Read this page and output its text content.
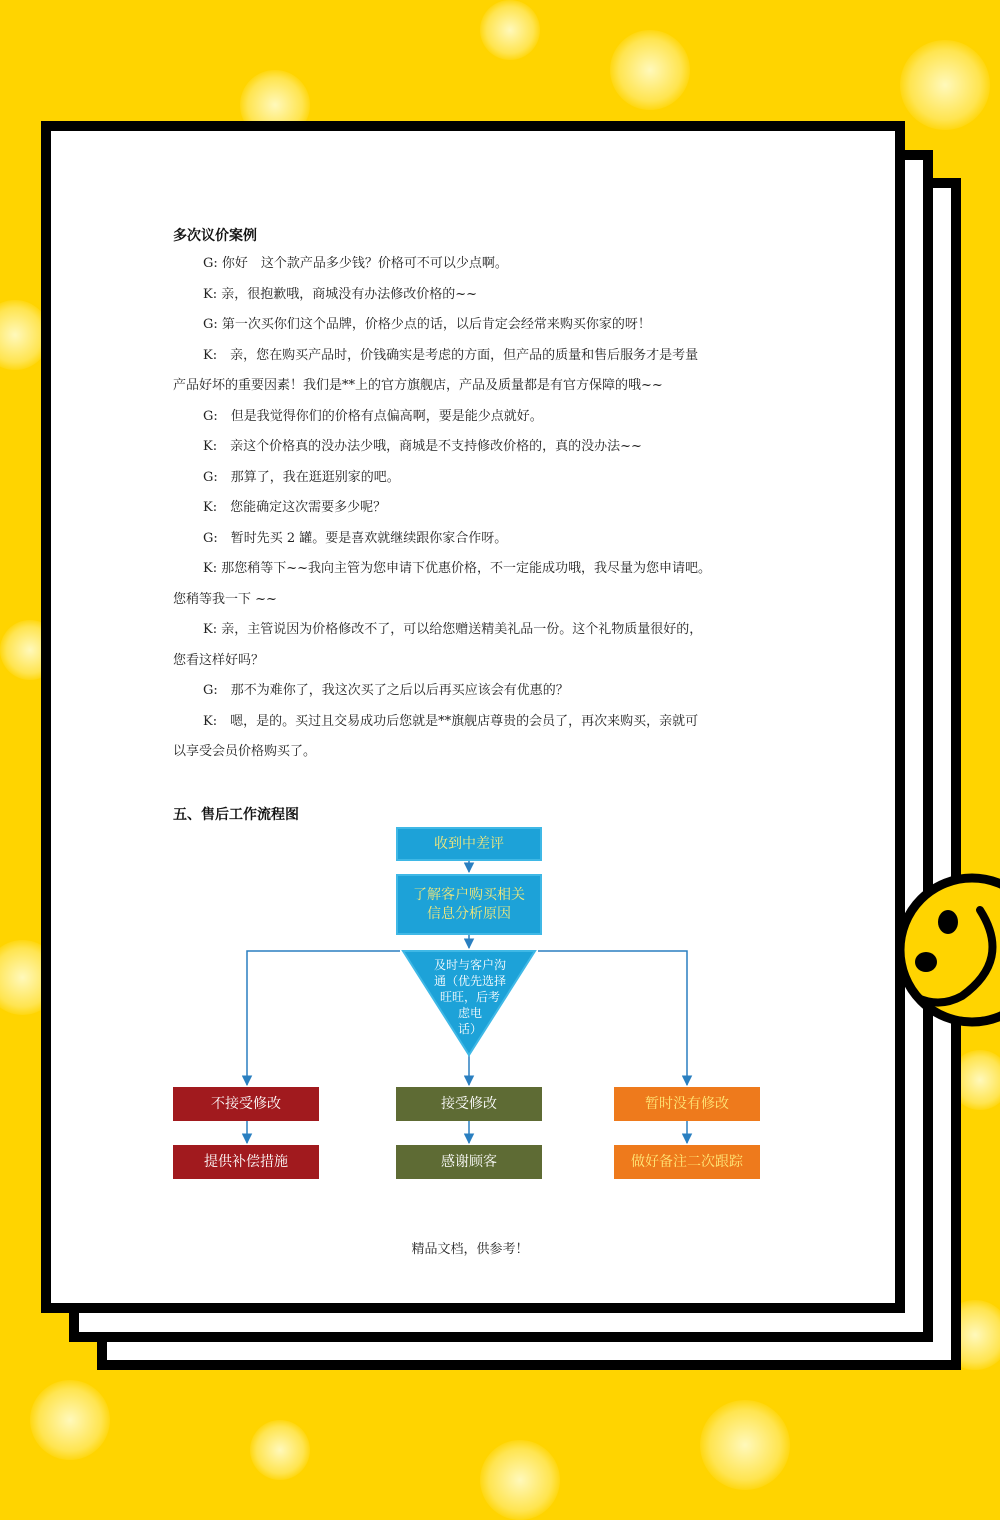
多次议价案例
G: 你好　这个款产品多少钱？价格可不可以少点啊。
K: 亲，很抱歉哦，商城没有办法修改价格的~~
G: 第一次买你们这个品牌，价格少点的话，以后肯定会经常来购买你家的呀！
K:　亲，您在购买产品时，价钱确实是考虑的方面，但产品的质量和售后服务才是考量
产品好坏的重要因素！我们是**上的官方旗舰店，产品及质量都是有官方保障的哦~~
G:　但是我觉得你们的价格有点偏高啊，要是能少点就好。
K:　亲这个价格真的没办法少哦，商城是不支持修改价格的，真的没办法~~
G:　那算了，我在逛逛别家的吧。
K:　您能确定这次需要多少呢？
G:　暂时先买 2 罐。要是喜欢就继续跟你家合作呀。
K: 那您稍等下~~我向主管为您申请下优惠价格，不一定能成功哦，我尽量为您申请吧。
您稍等我一下 ~~
K: 亲，主管说因为价格修改不了，可以给您赠送精美礼品一份。这个礼物质量很好的，
您看这样好吗？
G:　那不为难你了，我这次买了之后以后再买应该会有优惠的？
K:　嗯，是的。买过且交易成功后您就是**旗舰店尊贵的会员了，再次来购买，亲就可
以享受会员价格购买了。
五、售后工作流程图
收到中差评
了解客户购买相关
信息分析原因
及时与客户沟
通（优先选择
旺旺，后考
虑电
话）
不接受修改	接受修改	暂时没有修改
提供补偿措施	感谢顾客	做好备注二次跟踪
精品文档，供参考！
